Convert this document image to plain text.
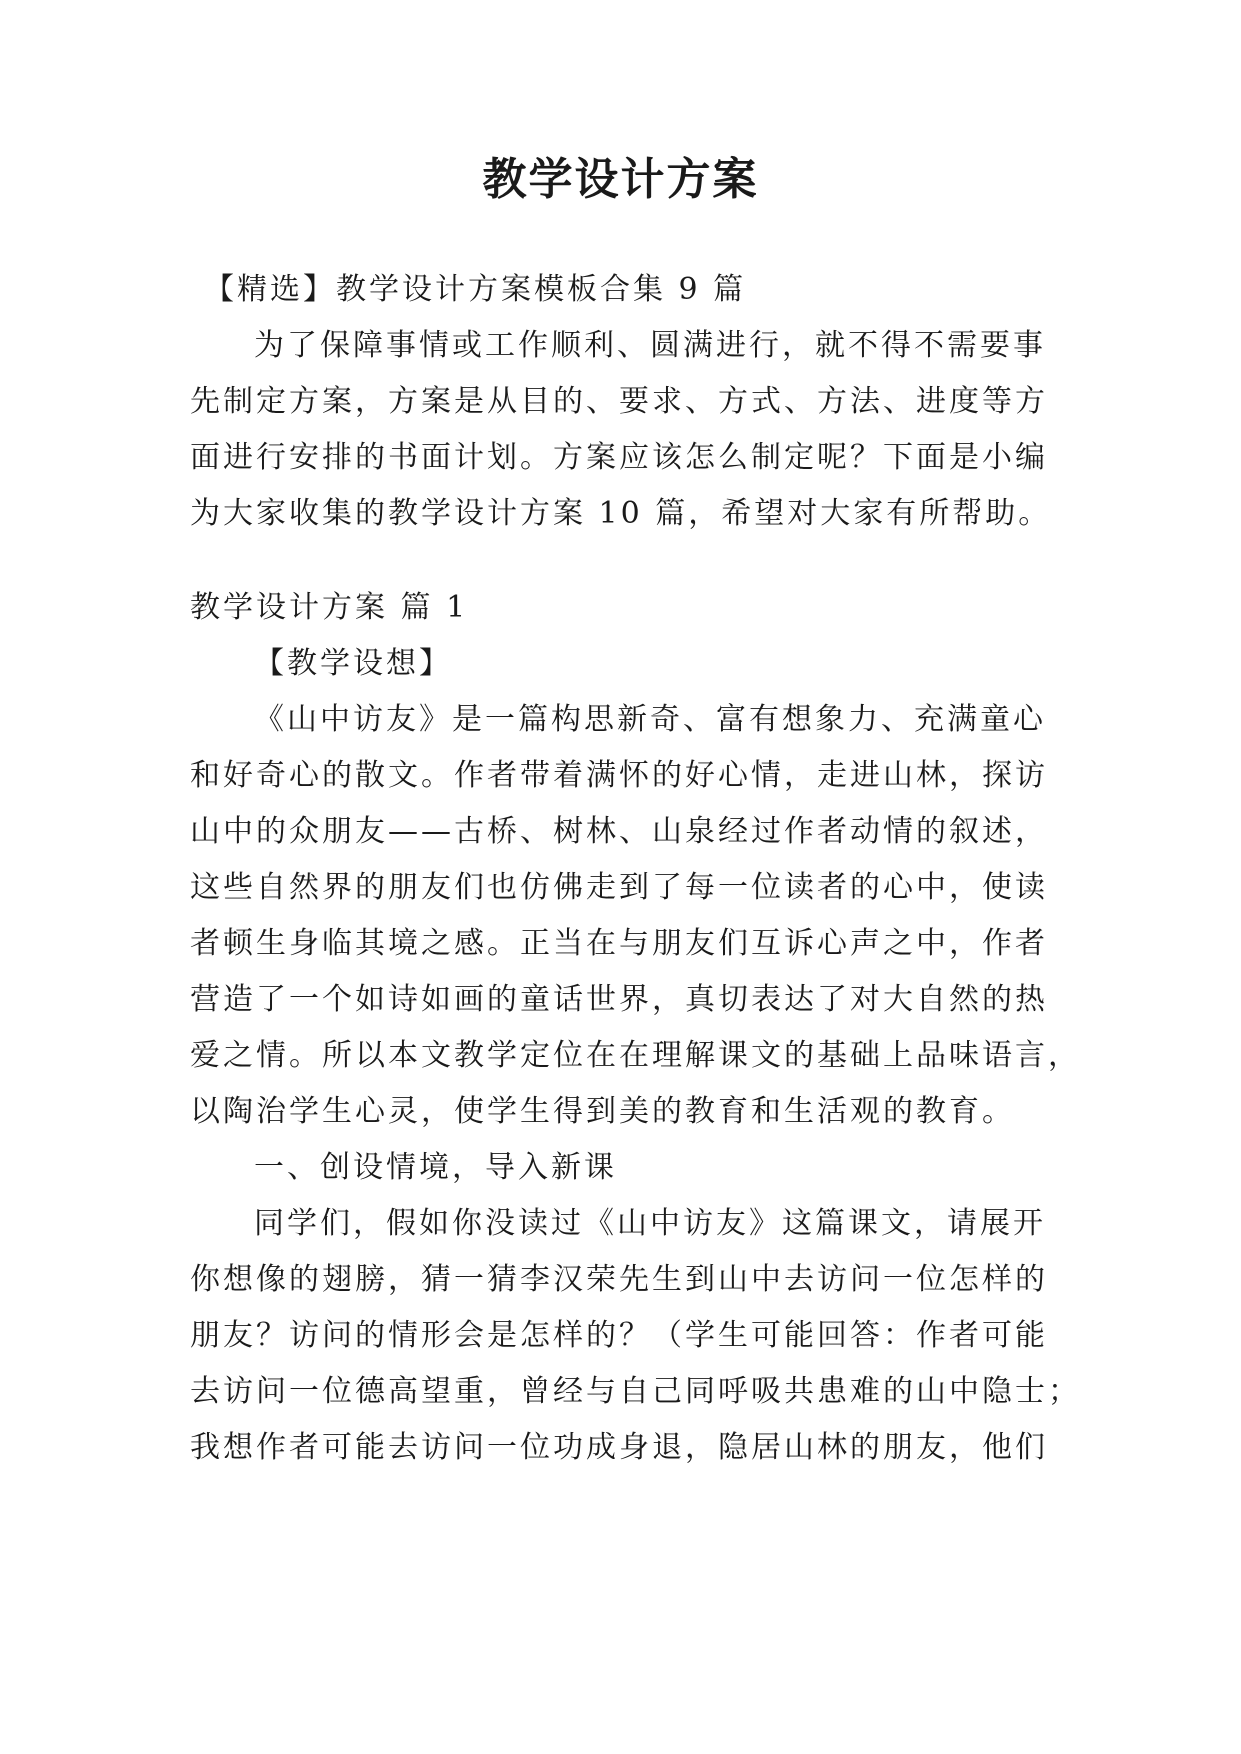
教学设计方案
【精选】教学设计方案模板合集 9 篇
为了保障事情或工作顺利、圆满进行，就不得不需要事
先制定方案，方案是从目的、要求、方式、方法、进度等方
面进行安排的书面计划。方案应该怎么制定呢？下面是小编
为大家收集的教学设计方案 10 篇，希望对大家有所帮助。
教学设计方案 篇 1
【教学设想】
《山中访友》是一篇构思新奇、富有想象力、充满童心
和好奇心的散文。作者带着满怀的好心情，走进山林，探访
山中的众朋友——古桥、树林、山泉经过作者动情的叙述，
这些自然界的朋友们也仿佛走到了每一位读者的心中，使读
者顿生身临其境之感。正当在与朋友们互诉心声之中，作者
营造了一个如诗如画的童话世界，真切表达了对大自然的热
爱之情。所以本文教学定位在在理解课文的基础上品味语言，
以陶治学生心灵，使学生得到美的教育和生活观的教育。
一、创设情境，导入新课
同学们，假如你没读过《山中访友》这篇课文，请展开
你想像的翅膀，猜一猜李汉荣先生到山中去访问一位怎样的
朋友？访问的情形会是怎样的？（学生可能回答：作者可能
去访问一位德高望重，曾经与自己同呼吸共患难的山中隐士；
我想作者可能去访问一位功成身退，隐居山林的朋友，他们
